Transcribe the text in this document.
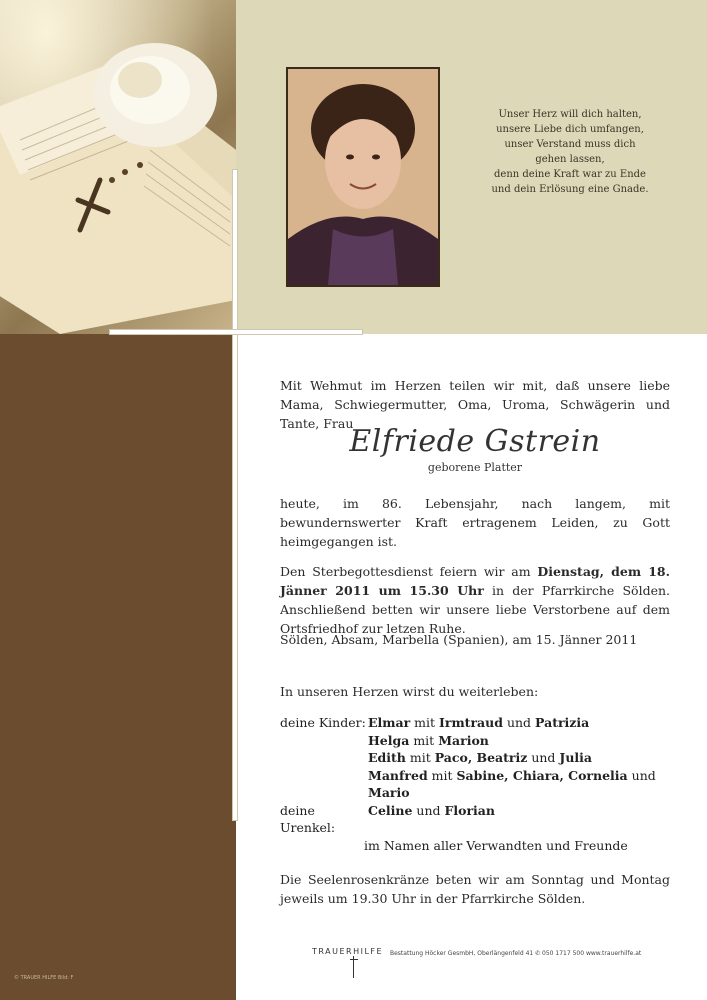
Unser Herz will dich halten,
unsere Liebe dich umfangen,
unser Verstand muss dich
gehen lassen,
denn deine Kraft war zu Ende
und dein Erlösung eine Gnade.
Mit Wehmut im Herzen teilen wir mit, daß unsere liebe Mama, Schwiegermutter, Oma, Uroma, Schwägerin und Tante, Frau
Elfriede Gstrein
geborene Platter
heute, im 86. Lebensjahr, nach langem, mit bewundernswerter Kraft ertragenem Leiden, zu Gott heimgegangen ist.
Den Sterbegottesdienst feiern wir am Dienstag, dem 18. Jänner 2011 um 15.30 Uhr in der Pfarrkirche Sölden. Anschließend betten wir unsere liebe Verstorbene auf dem Ortsfriedhof zur letzen Ruhe.
Sölden, Absam, Marbella (Spanien), am 15. Jänner 2011
In unseren Herzen wirst du weiterleben:
deine Kinder: Elmar mit Irmtraud und Patrizia
Helga mit Marion
Edith mit Paco, Beatriz und Julia
Manfred mit Sabine, Chiara, Cornelia und Mario
deine Urenkel:
Celine und Florian
im Namen aller Verwandten und Freunde
Die Seelenrosenkränze beten wir am Sonntag und Montag jeweils um 19.30 Uhr in der Pfarrkirche Sölden.
TRAUERHILFE Bestattung Höcker GesmbH, Oberlängenfeld 41 ✆ 050 1717 500 www.trauerhilfe.at
© TRAUER HILFE Bild: F
